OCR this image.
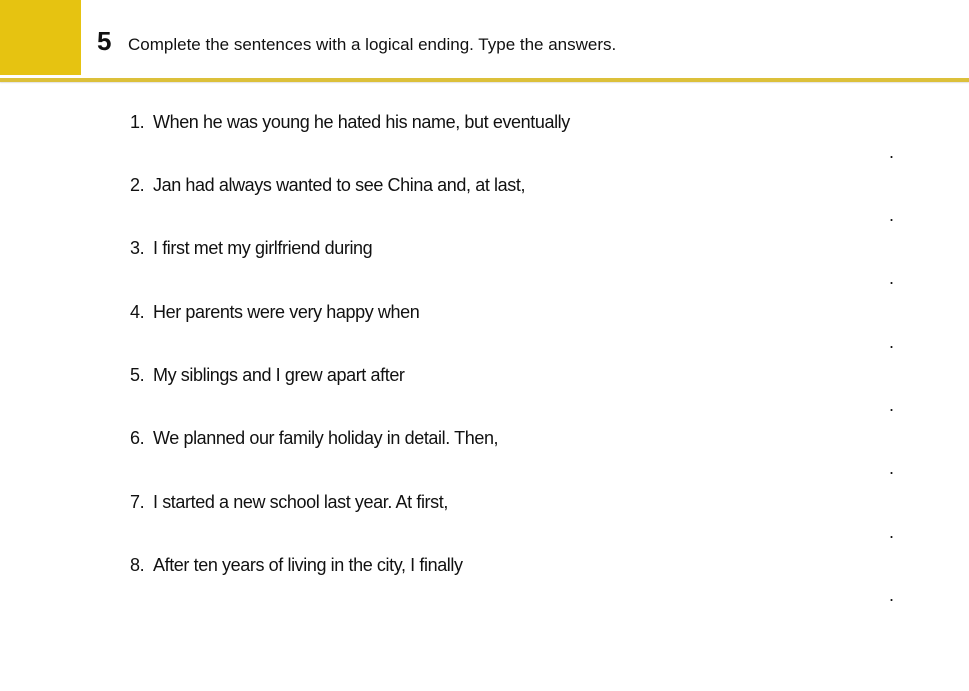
5 Complete the sentences with a logical ending. Type the answers.
1. When he was young he hated his name, but eventually
.
2. Jan had always wanted to see China and, at last,
.
3. I first met my girlfriend during
.
4. Her parents were very happy when
.
5. My siblings and I grew apart after
.
6. We planned our family holiday in detail. Then,
.
7. I started a new school last year. At first,
.
8. After ten years of living in the city, I finally
.
